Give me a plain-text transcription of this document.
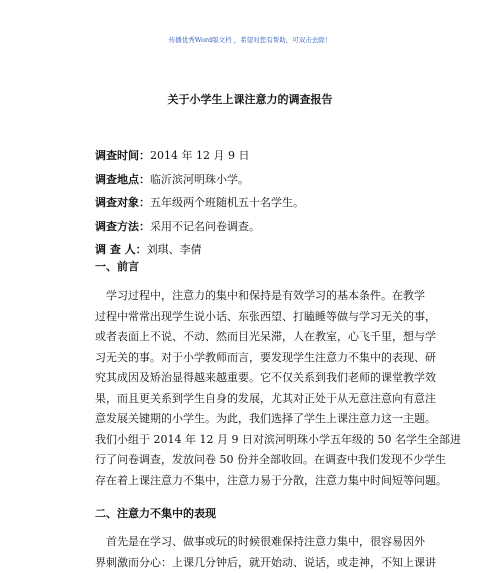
传播优秀Word版文档 ，希望对您有帮助，可双击去除！
关于小学生上课注意力的调查报告
调查时间：2014 年 12 月 9 日
调查地点：临沂滨河明珠小学。
调查对象：五年级两个班随机五十名学生。
调查方法：采用不记名问卷调查。
调 查 人：刘琪、李倩
一、前言
学习过程中，注意力的集中和保持是有效学习的基本条件。在教学
过程中常常出现学生说小话、东张西望、打瞌睡等做与学习无关的事，
或者表面上不说、不动、然而目光呆滞，人在教室，心飞千里，想与学
习无关的事。对于小学教师而言，要发现学生注意力不集中的表现、研
究其成因及矫治显得越来越重要。它不仅关系到我们老师的课堂教学效
果，而且更关系到学生自身的发展，尤其对正处于从无意注意向有意注
意发展关键期的小学生。为此，我们选择了学生上课注意力这一主题。
我们小组于 2014 年 12 月 9 日对滨河明珠小学五年级的 50 名学生全部进
行了问卷调查，发放问卷 50 份并全部收回。在调查中我们发现不少学生
存在着上课注意力不集中，注意力易于分散，注意力集中时间短等问题。
二、注意力不集中的表现
首先是在学习、做事或玩的时候很难保持注意力集中，很容易因外
界刺激而分心：上课几分钟后，就开始动、说话，或走神，不知上课讲
